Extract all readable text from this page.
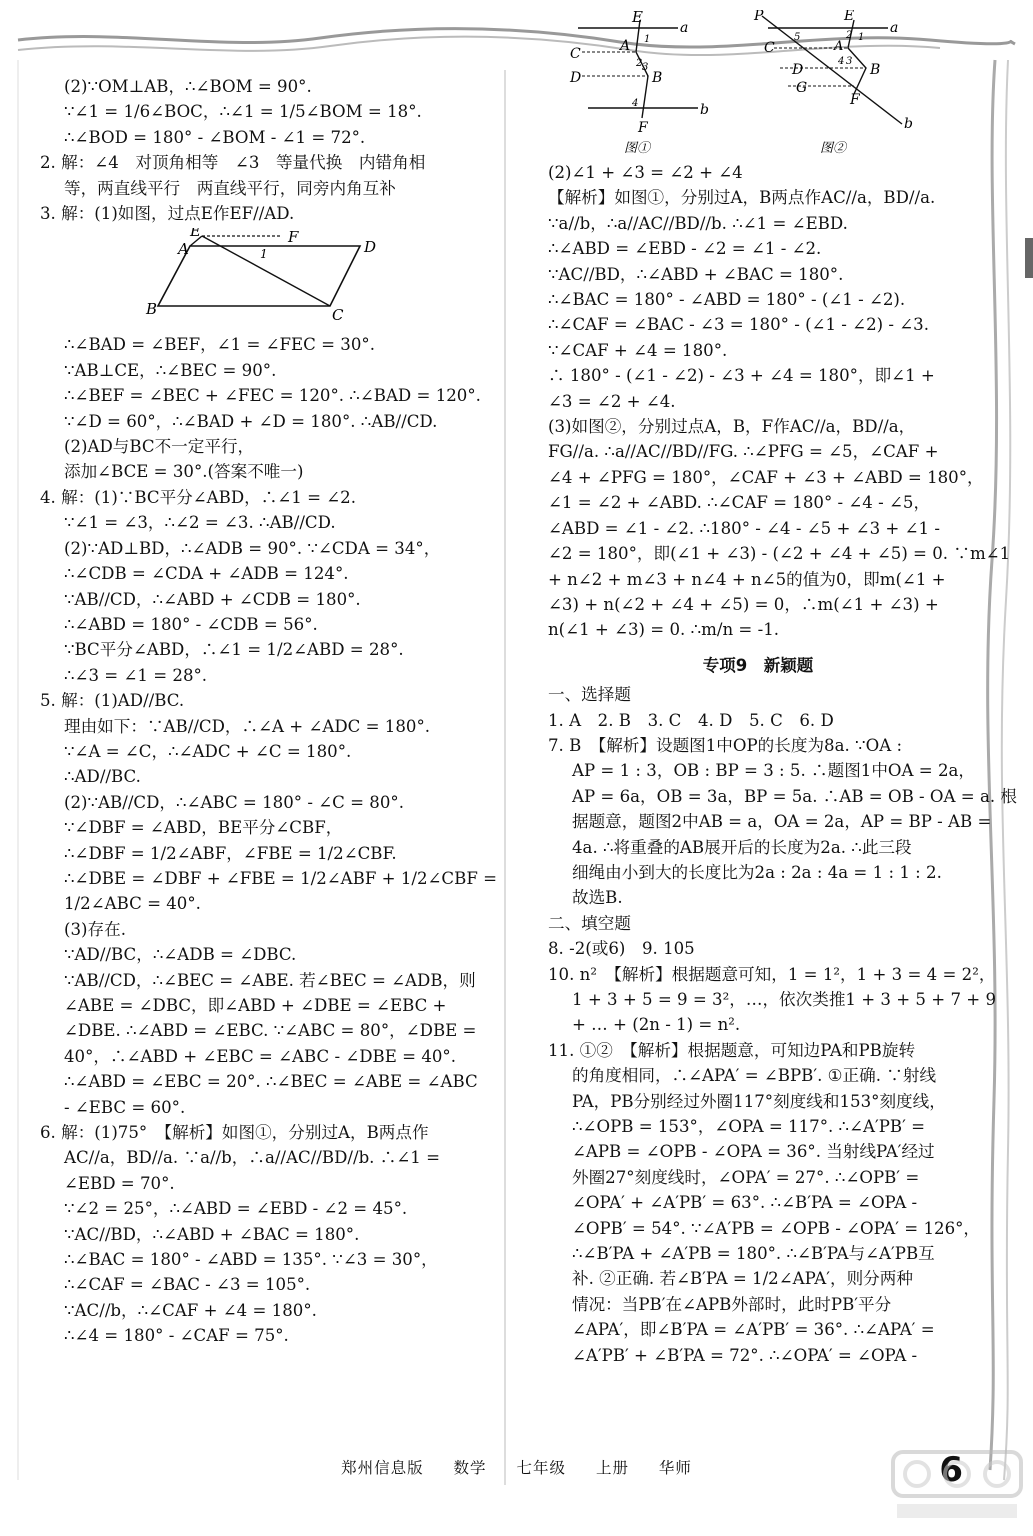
(2)∵OM⊥AB，∴∠BOM = 90°.
∵∠1 = 1/6∠BOC，∴∠1 = 1/5∠BOM = 18°.
∴∠BOD = 180° - ∠BOM - ∠1 = 72°.
2. 解：∠4　对顶角相等　∠3　等量代换　内错角相
等，两直线平行　两直线平行，同旁内角互补
3. 解：(1)如图，过点E作EF//AD.
E	F
A	D
B	C
1
∴∠BAD = ∠BEF，∠1 = ∠FEC = 30°.
∵AB⊥CE，∴∠BEC = 90°.
∴∠BEF = ∠BEC + ∠FEC = 120°. ∴∠BAD = 120°.
∵∠D = 60°，∴∠BAD + ∠D = 180°. ∴AB//CD.
(2)AD与BC不一定平行，
添加∠BCE = 30°.(答案不唯一)
4. 解：(1)∵BC平分∠ABD，∴∠1 = ∠2.
∵∠1 = ∠3，∴∠2 = ∠3. ∴AB//CD.
(2)∵AD⊥BD，∴∠ADB = 90°. ∵∠CDA = 34°，
∴∠CDB = ∠CDA + ∠ADB = 124°.
∵AB//CD，∴∠ABD + ∠CDB = 180°.
∴∠ABD = 180° - ∠CDB = 56°.
∵BC平分∠ABD，∴∠1 = 1/2∠ABD = 28°.
∴∠3 = ∠1 = 28°.
5. 解：(1)AD//BC.
理由如下：∵AB//CD，∴∠A + ∠ADC = 180°.
∵∠A = ∠C，∴∠ADC + ∠C = 180°.
∴AD//BC.
(2)∵AB//CD，∴∠ABC = 180° - ∠C = 80°.
∵∠DBF = ∠ABD，BE平分∠CBF，
∴∠DBF = 1/2∠ABF，∠FBE = 1/2∠CBF.
∴∠DBE = ∠DBF + ∠FBE = 1/2∠ABF + 1/2∠CBF =
1/2∠ABC = 40°.
(3)存在.
∵AD//BC，∴∠ADB = ∠DBC.
∵AB//CD，∴∠BEC = ∠ABE. 若∠BEC = ∠ADB，则
∠ABE = ∠DBC，即∠ABD + ∠DBE = ∠EBC +
∠DBE. ∴∠ABD = ∠EBC. ∵∠ABC = 80°，∠DBE =
40°，∴∠ABD + ∠EBC = ∠ABC - ∠DBE = 40°.
∴∠ABD = ∠EBC = 20°. ∴∠BEC = ∠ABE = ∠ABC
- ∠EBC = 60°.
6. 解：(1)75°　【解析】如图①，分别过A，B两点作
AC//a，BD//a. ∵a//b，∴a//AC//BD//b. ∴∠1 =
∠EBD = 70°.
∵∠2 = 25°，∴∠ABD = ∠EBD - ∠2 = 45°.
∵AC//BD，∴∠ABD + ∠BAC = 180°.
∴∠BAC = 180° - ∠ABD = 135°. ∵∠3 = 30°，
∴∠CAF = ∠BAC - ∠3 = 105°.
∵AC//b，∴∠CAF + ∠4 = 180°.
∴∠4 = 180° - ∠CAF = 75°.
E
a
A
C
D	B
F
b
1
2 3
4
图①
P	E
a
C	A
D	B
G
F
b
1
2
3
4
5
图②
(2)∠1 + ∠3 = ∠2 + ∠4
【解析】如图①，分别过A，B两点作AC//a，BD//a.
∵a//b，∴a//AC//BD//b. ∴∠1 = ∠EBD.
∴∠ABD = ∠EBD - ∠2 = ∠1 - ∠2.
∵AC//BD，∴∠ABD + ∠BAC = 180°.
∴∠BAC = 180° - ∠ABD = 180° - (∠1 - ∠2).
∴∠CAF = ∠BAC - ∠3 = 180° - (∠1 - ∠2) - ∠3.
∵∠CAF + ∠4 = 180°.
∴ 180° - (∠1 - ∠2) - ∠3 + ∠4 = 180°，即∠1 +
∠3 = ∠2 + ∠4.
(3)如图②，分别过点A，B，F作AC//a，BD//a，
FG//a. ∴a//AC//BD//FG. ∴∠PFG = ∠5，∠CAF +
∠4 + ∠PFG = 180°，∠CAF + ∠3 + ∠ABD = 180°，
∠1 = ∠2 + ∠ABD. ∴∠CAF = 180° - ∠4 - ∠5，
∠ABD = ∠1 - ∠2. ∴180° - ∠4 - ∠5 + ∠3 + ∠1 -
∠2 = 180°，即(∠1 + ∠3) - (∠2 + ∠4 + ∠5) = 0. ∵m∠1
+ n∠2 + m∠3 + n∠4 + n∠5的值为0，即m(∠1 +
∠3) + n(∠2 + ∠4 + ∠5) = 0，∴m(∠1 + ∠3) +
n(∠1 + ∠3) = 0. ∴m/n = -1.
专项9　新颖题
一、选择题
1. A　2. B　3. C　4. D　5. C　6. D
7. B　【解析】设题图1中OP的长度为8a. ∵OA :
AP = 1 : 3，OB : BP = 3 : 5. ∴题图1中OA = 2a，
AP = 6a，OB = 3a，BP = 5a. ∴AB = OB - OA = a. 根
据题意，题图2中AB = a，OA = 2a，AP = BP - AB =
4a. ∴将重叠的AB展开后的长度为2a. ∴此三段
细绳由小到大的长度比为2a : 2a : 4a = 1 : 1 : 2.
故选B.
二、填空题
8. -2(或6)　9. 105
10. n²　【解析】根据题意可知，1 = 1²，1 + 3 = 4 = 2²，
1 + 3 + 5 = 9 = 3²，…，依次类推1 + 3 + 5 + 7 + 9
+ … + (2n - 1) = n².
11. ①②　【解析】根据题意，可知边PA和PB旋转
的角度相同，∴∠APA′ = ∠BPB′. ①正确. ∵射线
PA，PB分别经过外圈117°刻度线和153°刻度线，
∴∠OPB = 153°，∠OPA = 117°. ∴∠A′PB′ =
∠APB = ∠OPB - ∠OPA = 36°. 当射线PA′经过
外圈27°刻度线时，∠OPA′ = 27°. ∴∠OPB′ =
∠OPA′ + ∠A′PB′ = 63°. ∴∠B′PA = ∠OPA -
∠OPB′ = 54°. ∵∠A′PB = ∠OPB - ∠OPA′ = 126°，
∴∠B′PA + ∠A′PB = 180°. ∴∠B′PA与∠A′PB互
补. ②正确. 若∠B′PA = 1/2∠APA′，则分两种
情况：当PB′在∠APB外部时，此时PB′平分
∠APA′，即∠B′PA = ∠A′PB′ = 36°. ∴∠APA′ =
∠A′PB′ + ∠B′PA = 72°. ∴∠OPA′ = ∠OPA -
郑州信息版 数学 七年级 上册 华师	6
